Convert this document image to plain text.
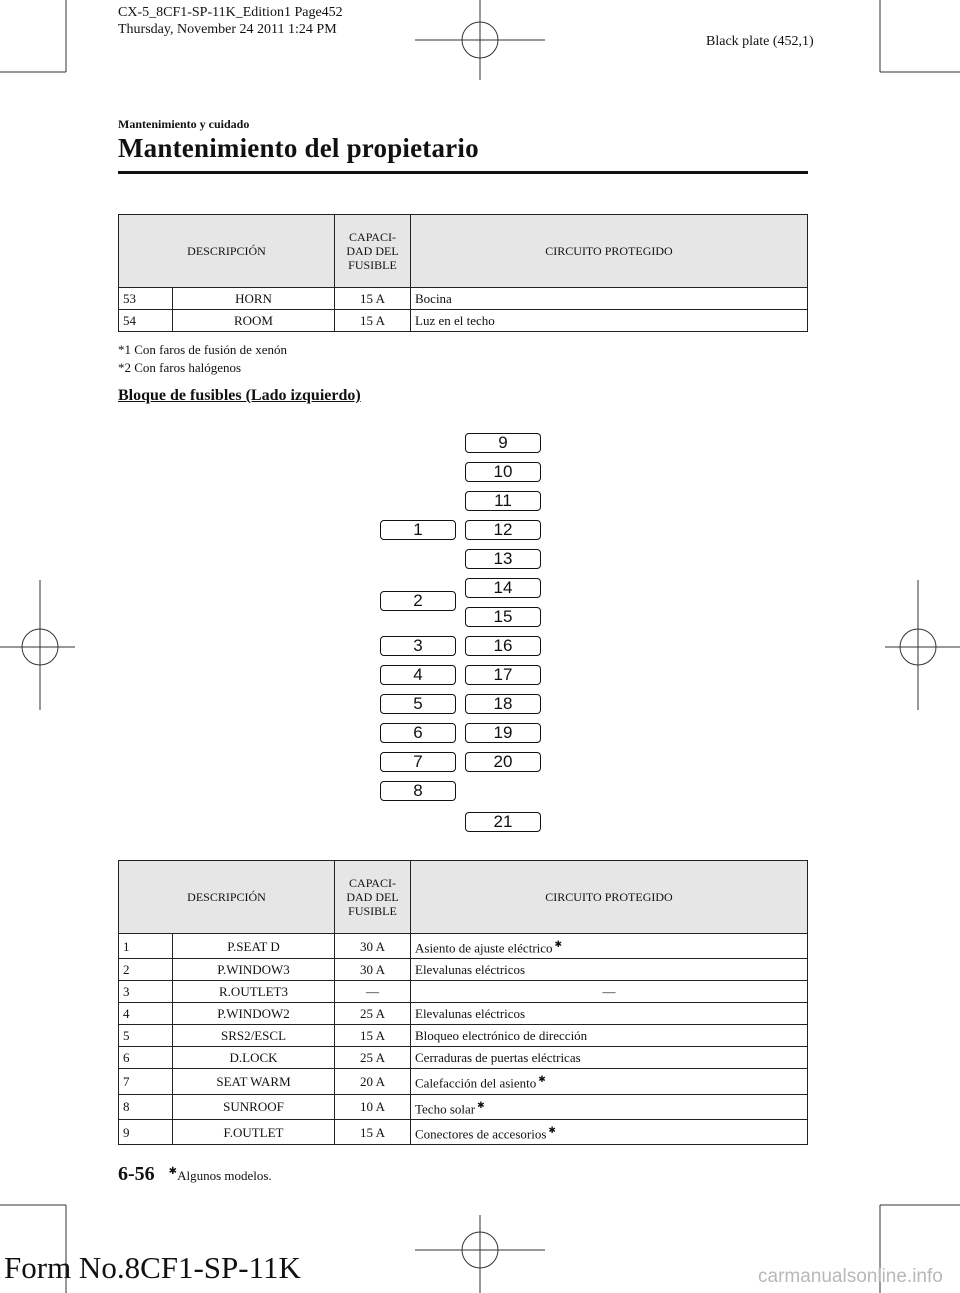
CX-5_8CF1-SP-11K_Edition1 Page452
Thursday, November 24 2011 1:24 PM
Black plate (452,1)
Mantenimiento y cuidado
Mantenimiento del propietario
DESCRIPCIÓN		CAPACI-
DAD DEL
FUSIBLE	CIRCUITO PROTEGIDO
53	HORN	15 A	Bocina
54	ROOM	15 A	Luz en el techo
*1 Con faros de fusión de xenón
*2 Con faros halógenos
Bloque de fusibles (Lado izquierdo)
9
10
11
12
13
14
15
16
17
18
19
20
21
1
2
3
4
5
6
7
8
DESCRIPCIÓN		CAPACI-
DAD DEL
FUSIBLE	CIRCUITO PROTEGIDO
1	P.SEAT D	30 A	Asiento de ajuste eléctrico ✱
2	P.WINDOW3	30 A	Elevalunas eléctricos
3	R.OUTLET3	—	—
4	P.WINDOW2	25 A	Elevalunas eléctricos
5	SRS2/ESCL	15 A	Bloqueo electrónico de dirección
6	D.LOCK	25 A	Cerraduras de puertas eléctricas
7	SEAT WARM	20 A	Calefacción del asiento ✱
8	SUNROOF	10 A	Techo solar ✱
9	F.OUTLET	15 A	Conectores de accesorios ✱
6-56 ✱Algunos modelos.
Form No.8CF1-SP-11K	carmanualsonline.info
